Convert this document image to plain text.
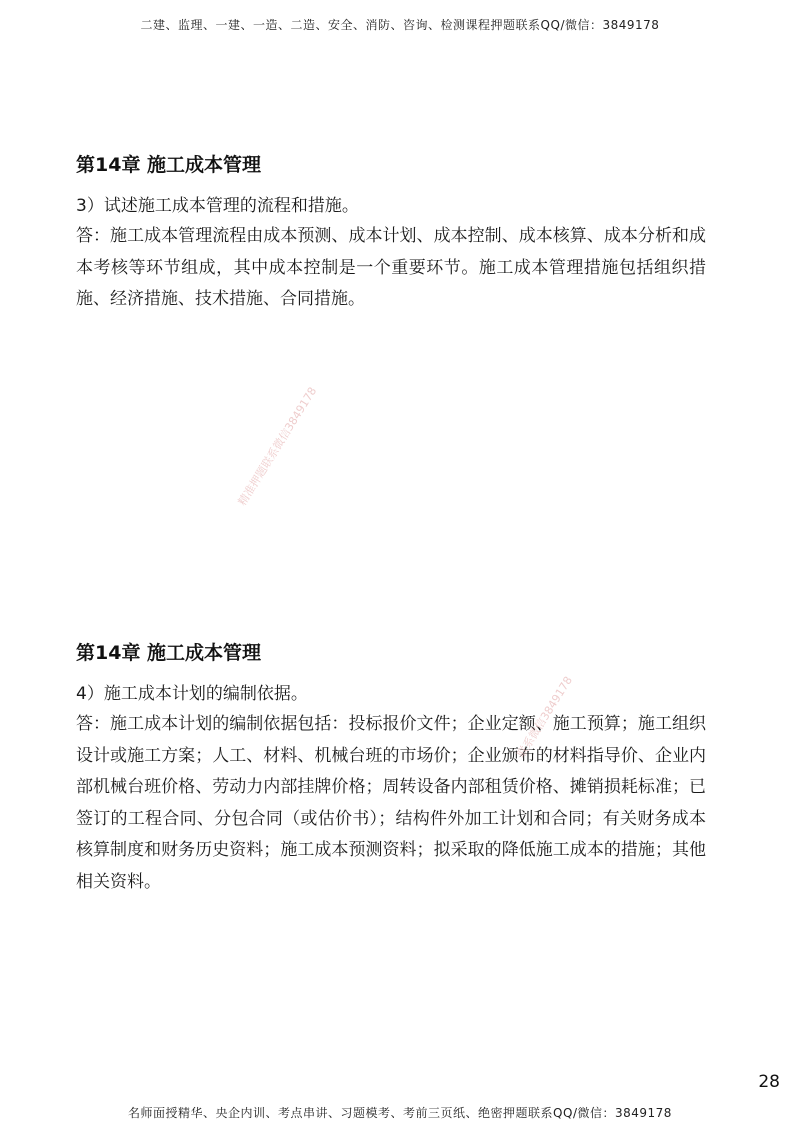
二建、监理、一建、一造、二造、安全、消防、咨询、检测课程押题联系QQ/微信：3849178
第14章 施工成本管理

3）试述施工成本管理的流程和措施。

答：施工成本管理流程由成本预测、成本计划、成本控制、成本核算、成本分析和成本考核等环节组成，其中成本控制是一个重要环节。施工成本管理措施包括组织措施、经济措施、技术措施、合同措施。

精准押题联系微信3849178
第14章 施工成本管理

4）施工成本计划的编制依据。

答：施工成本计划的编制依据包括：投标报价文件；企业定额、施工预算；施工组织设计或施工方案；人工、材料、机械台班的市场价；企业颁布的材料指导价、企业内部机械台班价格、劳动力内部挂牌价格；周转设备内部租赁价格、摊销损耗标准；已签订的工程合同、分包合同（或估价书）；结构件外加工计划和合同；有关财务成本核算制度和财务历史资料；施工成本预测资料；拟采取的降低施工成本的措施；其他相关资料。

联系微信3849178
28
名师面授精华、央企内训、考点串讲、习题模考、考前三页纸、绝密押题联系QQ/微信：3849178
